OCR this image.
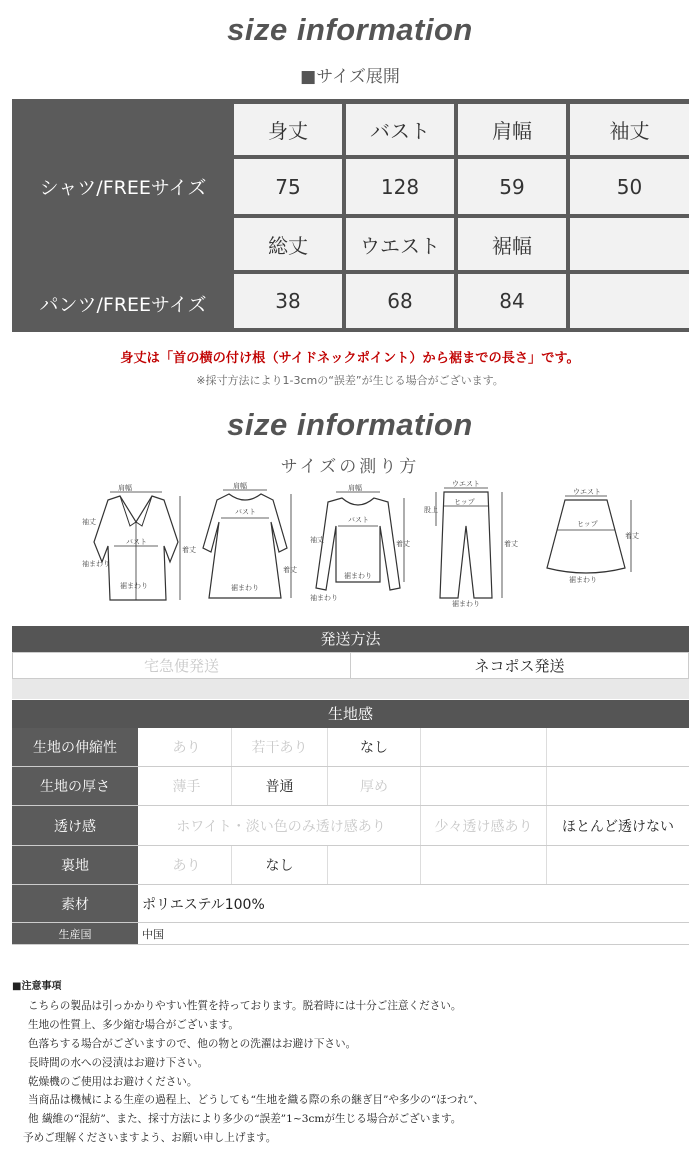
size information
■サイズ展開
身丈	バスト	肩幅	袖丈
シャツ/FREEサイズ	75	128	59	50
総丈	ウエスト	裾幅
パンツ/FREEサイズ	38	68	84
身丈は「首の横の付け根（サイドネックポイント）から裾までの長さ」です。
※採寸方法により1-3cmの“誤差”が生じる場合がございます。
size information
サイズの測り方
肩幅
バスト
袖丈
着丈
袖まわり
裾まわり
肩幅
バスト
着丈
裾まわり
肩幅
バスト
袖丈	着丈
裾まわり
袖まわり
ウエスト
ヒップ
股上
着丈
裾まわり
ウエスト
ヒップ
着丈
裾まわり
発送方法
宅急便発送	ネコポス発送
生地感
生地の伸縮性	あり	若干あり	なし
生地の厚さ	薄手	普通	厚め
透け感	ホワイト・淡い色のみ透け感あり	少々透け感あり	ほとんど透けない
裏地	あり	なし
素材	ポリエステル100%
生産国	中国
■注意事項
こちらの製品は引っかかりやすい性質を持っております。脱着時には十分ご注意ください。
生地の性質上、多少縮む場合がございます。
色落ちする場合がございますので、他の物との洗濯はお避け下さい。
長時間の水への浸漬はお避け下さい。
乾燥機のご使用はお避けください。
当商品は機械による生産の過程上、どうしても“生地を織る際の糸の継ぎ目”や多少の“ほつれ”、
他 繊維の“混紡”、また、採寸方法により多少の“誤差”1~3cmが生じる場合がございます。
予めご理解くださいますよう、お願い申し上げます。
